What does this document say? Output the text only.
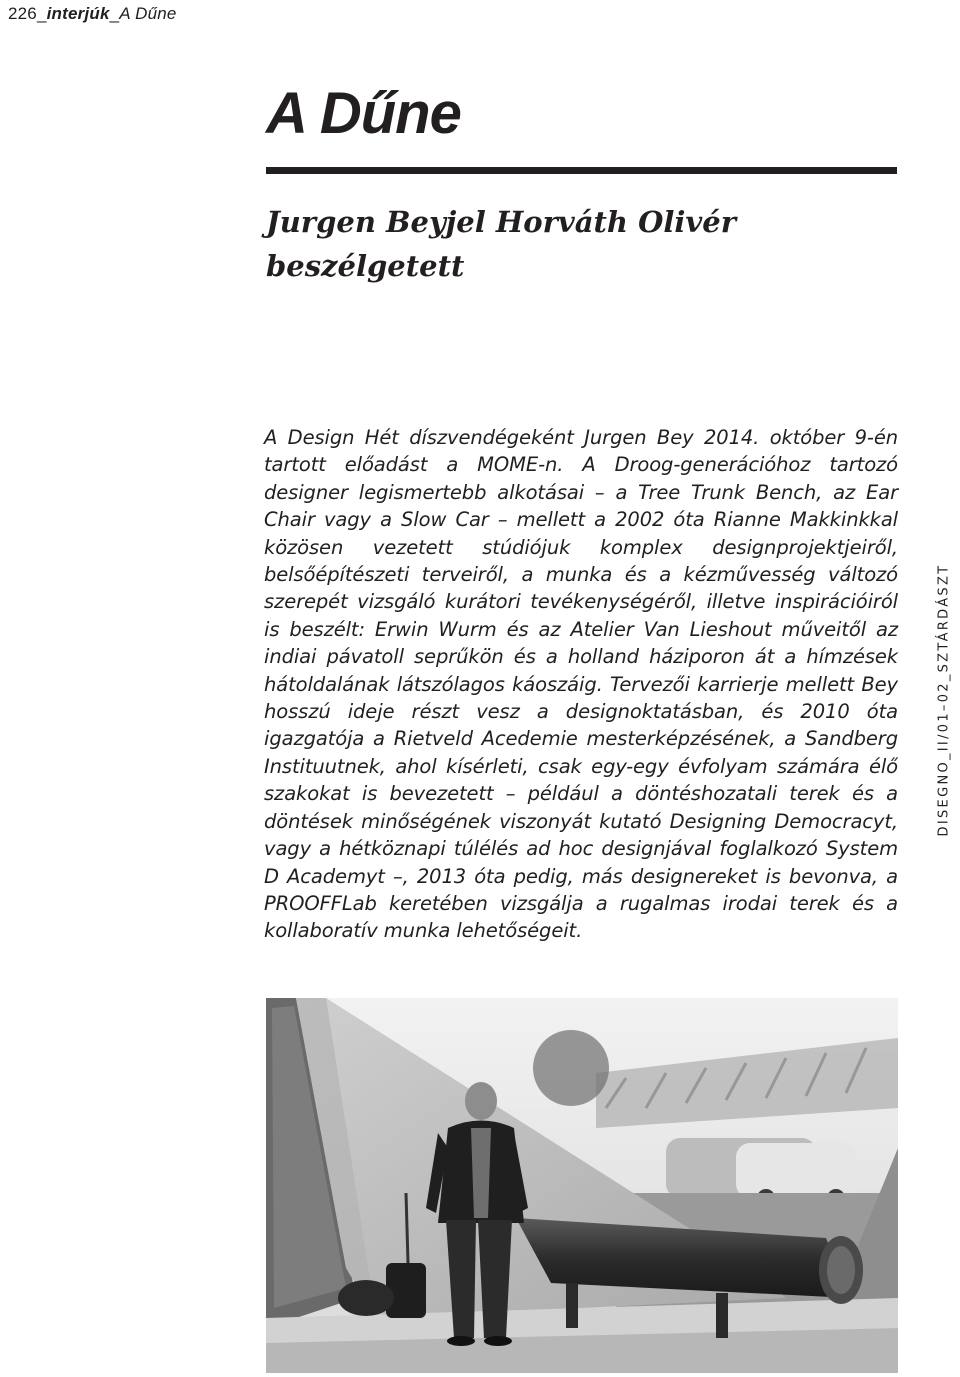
226_interjúk_A Dűne
A Dűne
Jurgen Beyjel Horváth Olivér
beszélgetett

A Design Hét díszvendégeként Jurgen Bey 2014. október 9-én tartott előadást a MOME-n. A Droog-generációhoz tartozó designer legismertebb alkotásai – a Tree Trunk Bench, az Ear Chair vagy a Slow Car – mellett a 2002 óta Rianne Makkinkkal közösen vezetett stúdiójuk komplex designprojektjeiről, belsőépítészeti terveiről, a munka és a kézművesség változó szerepét vizsgáló kurátori tevékenységéről, illetve inspirációiról is beszélt: Erwin Wurm és az Atelier Van Lieshout műveitől az indiai pávatoll seprűkön és a holland háziporon át a hímzések hátoldalának látszólagos káoszáig. Tervezői karrierje mellett Bey hosszú ideje részt vesz a designoktatásban, és 2010 óta igazgatója a Rietveld Acedemie mesterképzésének, a Sandberg Instituutnek, ahol kísérleti, csak egy-egy évfolyam számára élő szakokat is bevezetett – például a döntéshozatali terek és a döntések minőségének viszonyát kutató Designing Democracyt, vagy a hétköznapi túlélés ad hoc designjával foglalkozó System D Academyt –, 2013 óta pedig, más designereket is bevonva, a PROOFFLab keretében vizsgálja a rugalmas irodai terek és a kollaboratív munka lehetőségeit.

DISEGNO_II/01–02_SZTÁRDÁSZT
